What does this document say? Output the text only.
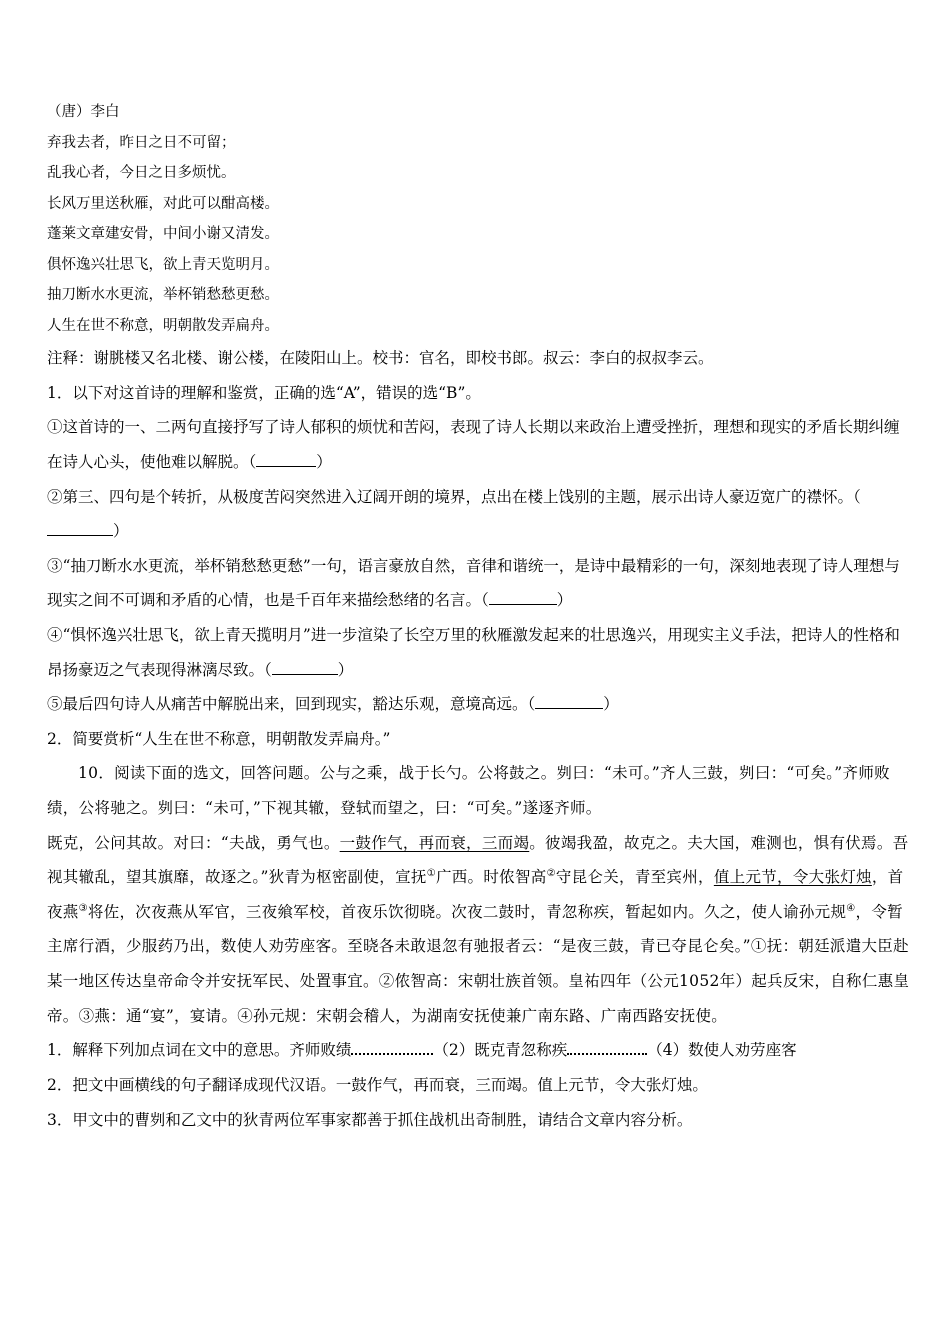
（唐）李白
弃我去者，昨日之日不可留；
乱我心者，今日之日多烦忧。
长风万里送秋雁，对此可以酣高楼。
蓬莱文章建安骨，中间小谢又清发。
俱怀逸兴壮思飞，欲上青天览明月。
抽刀断水水更流，举杯销愁愁更愁。
人生在世不称意，明朝散发弄扁舟。
注释：谢朓楼又名北楼、谢公楼，在陵阳山上。校书：官名，即校书郎。叔云：李白的叔叔李云。
1．以下对这首诗的理解和鉴赏，正确的选“A”，错误的选“B”。
①这首诗的一、二两句直接抒写了诗人郁积的烦忧和苦闷，表现了诗人长期以来政治上遭受挫折，理想和现实的矛盾长期纠缠在诗人心头，使他难以解脱。（	）
②第三、四句是个转折，从极度苦闷突然进入辽阔开朗的境界，点出在楼上饯别的主题，展示出诗人豪迈宽广的襟怀。（）
③“抽刀断水水更流，举杯销愁愁更愁”一句，语言豪放自然，音律和谐统一，是诗中最精彩的一句，深刻地表现了诗人理想与现实之间不可调和矛盾的心情，也是千百年来描绘愁绪的名言。（	）
④“惧怀逸兴壮思飞，欲上青天揽明月”进一步渲染了长空万里的秋雁激发起来的壮思逸兴，用现实主义手法，把诗人的性格和昂扬豪迈之气表现得淋漓尽致。（	）
⑤最后四句诗人从痛苦中解脱出来，回到现实，豁达乐观，意境高远。（	）
2．简要赏析“人生在世不称意，明朝散发弄扁舟。”
10．阅读下面的选文，回答问题。公与之乘，战于长勺。公将鼓之。刿曰：“未可。”齐人三鼓，刿曰：“可矣。”齐师败绩，公将驰之。刿曰：“未可，”下视其辙，登轼而望之，曰：“可矣。”遂逐齐师。
既克，公问其故。对曰：“夫战，勇气也。一鼓作气，再而衰，三而竭。彼竭我盈，故克之。夫大国，难测也，惧有伏焉。吾视其辙乱，望其旗靡，故逐之。”狄青为枢密副使，宣抚①广西。时侬智高②守昆仑关，青至宾州，值上元节，令大张灯烛，首夜燕③将佐，次夜燕从军官，三夜飨军校，首夜乐饮彻晓。次夜二鼓时，青忽称疾，暂起如内。久之，使人谕孙元规④，令暂主席行酒，少服药乃出，数使人劝劳座客。至晓各未敢退忽有驰报者云：“是夜三鼓，青已夺昆仑矣。”①抚：朝廷派遣大臣赴某一地区传达皇帝命令并安抚军民、处置事宜。②侬智高：宋朝壮族首领。皇祐四年（公元1052年）起兵反宋，自称仁惠皇帝。③燕：通“宴”，宴请。④孙元规：宋朝会稽人，为湖南安抚使兼广南东路、广南西路安抚使。
1．解释下列加点词在文中的意思。齐师败绩	（2）既克青忽称疾	（4）数使人劝劳座客
2．把文中画横线的句子翻译成现代汉语。一鼓作气，再而衰，三而竭。值上元节，令大张灯烛。
3．甲文中的曹刿和乙文中的狄青两位军事家都善于抓住战机出奇制胜，请结合文章内容分析。
